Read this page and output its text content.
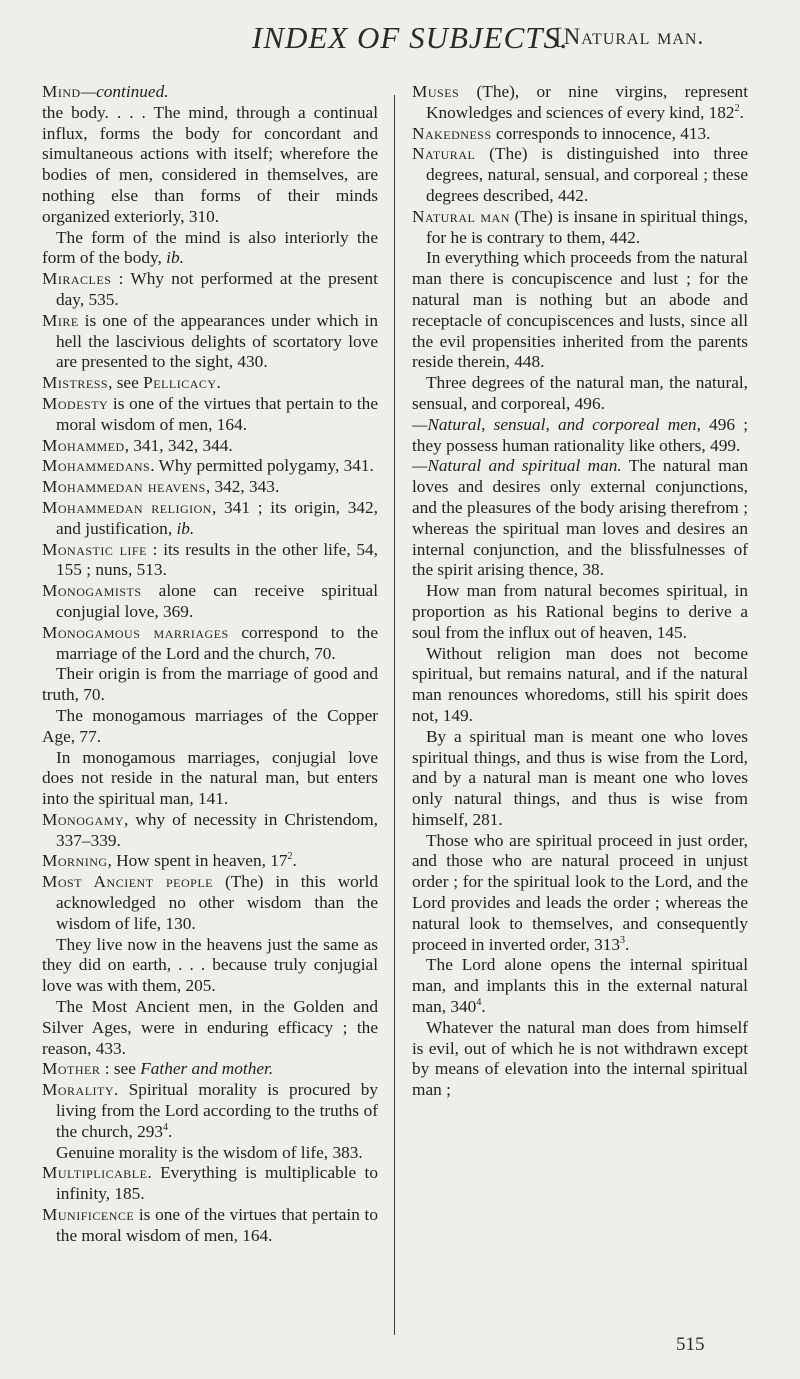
INDEX OF SUBJECTS.
[Natural man.

Mind—continued.

the body. . . . The mind, through a continual influx, forms the body for concordant and simultaneous actions with itself; wherefore the bodies of men, considered in themselves, are nothing else than forms of their minds organized exteriorly, 310.

The form of the mind is also interiorly the form of the body, ib.

Miracles : Why not performed at the present day, 535.

Mire is one of the appearances under which in hell the lascivious delights of scortatory love are presented to the sight, 430.

Mistress, see Pellicacy.

Modesty is one of the virtues that pertain to the moral wisdom of men, 164.

Mohammed, 341, 342, 344.

Mohammedans. Why permitted polygamy, 341.

Mohammedan heavens, 342, 343.

Mohammedan religion, 341 ; its origin, 342, and justification, ib.

Monastic life : its results in the other life, 54, 155 ; nuns, 513.

Monogamists alone can receive spiritual conjugial love, 369.

Monogamous marriages correspond to the marriage of the Lord and the church, 70.

Their origin is from the marriage of good and truth, 70.

The monogamous marriages of the Copper Age, 77.

In monogamous marriages, conjugial love does not reside in the natural man, but enters into the spiritual man, 141.

Monogamy, why of necessity in Christendom, 337–339.

Morning, How spent in heaven, $17^2$.

Most Ancient people (The) in this world acknowledged no other wisdom than the wisdom of life, 130.

They live now in the heavens just the same as they did on earth, . . . because truly conjugial love was with them, 205.

The Most Ancient men, in the Golden and Silver Ages, were in enduring efficacy ; the reason, 433.

Mother : see Father and mother.

Morality. Spiritual morality is procured by living from the Lord according to the truths of the church, $293^4$.

Genuine morality is the wisdom of life, 383.

Multiplicable. Everything is multiplicable to infinity, 185.

Munificence is one of the virtues that pertain to the moral wisdom of men, 164.

Muses (The), or nine virgins, represent Knowledges and sciences of every kind, $182^2$.

Nakedness corresponds to innocence, 413.

Natural (The) is distinguished into three degrees, natural, sensual, and corporeal ; these degrees described, 442.

Natural man (The) is insane in spiritual things, for he is contrary to them, 442.

In everything which proceeds from the natural man there is concupiscence and lust ; for the natural man is nothing but an abode and receptacle of concupiscences and lusts, since all the evil propensities inherited from the parents reside therein, 448.

Three degrees of the natural man, the natural, sensual, and corporeal, 496.

—Natural, sensual, and corporeal men, 496 ; they possess human rationality like others, 499.

—Natural and spiritual man. The natural man loves and desires only external conjunctions, and the pleasures of the body arising therefrom ; whereas the spiritual man loves and desires an internal conjunction, and the blissfulnesses of the spirit arising thence, 38.

How man from natural becomes spiritual, in proportion as his Rational begins to derive a soul from the influx out of heaven, 145.

Without religion man does not become spiritual, but remains natural, and if the natural man renounces whoredoms, still his spirit does not, 149.

By a spiritual man is meant one who loves spiritual things, and thus is wise from the Lord, and by a natural man is meant one who loves only natural things, and thus is wise from himself, 281.

Those who are spiritual proceed in just order, and those who are natural proceed in unjust order ; for the spiritual look to the Lord, and the Lord provides and leads the order ; whereas the natural look to themselves, and consequently proceed in inverted order, $313^3$.

The Lord alone opens the internal spiritual man, and implants this in the external natural man, $340^4$.

Whatever the natural man does from himself is evil, out of which he is not withdrawn except by means of elevation into the internal spiritual man ;

515
